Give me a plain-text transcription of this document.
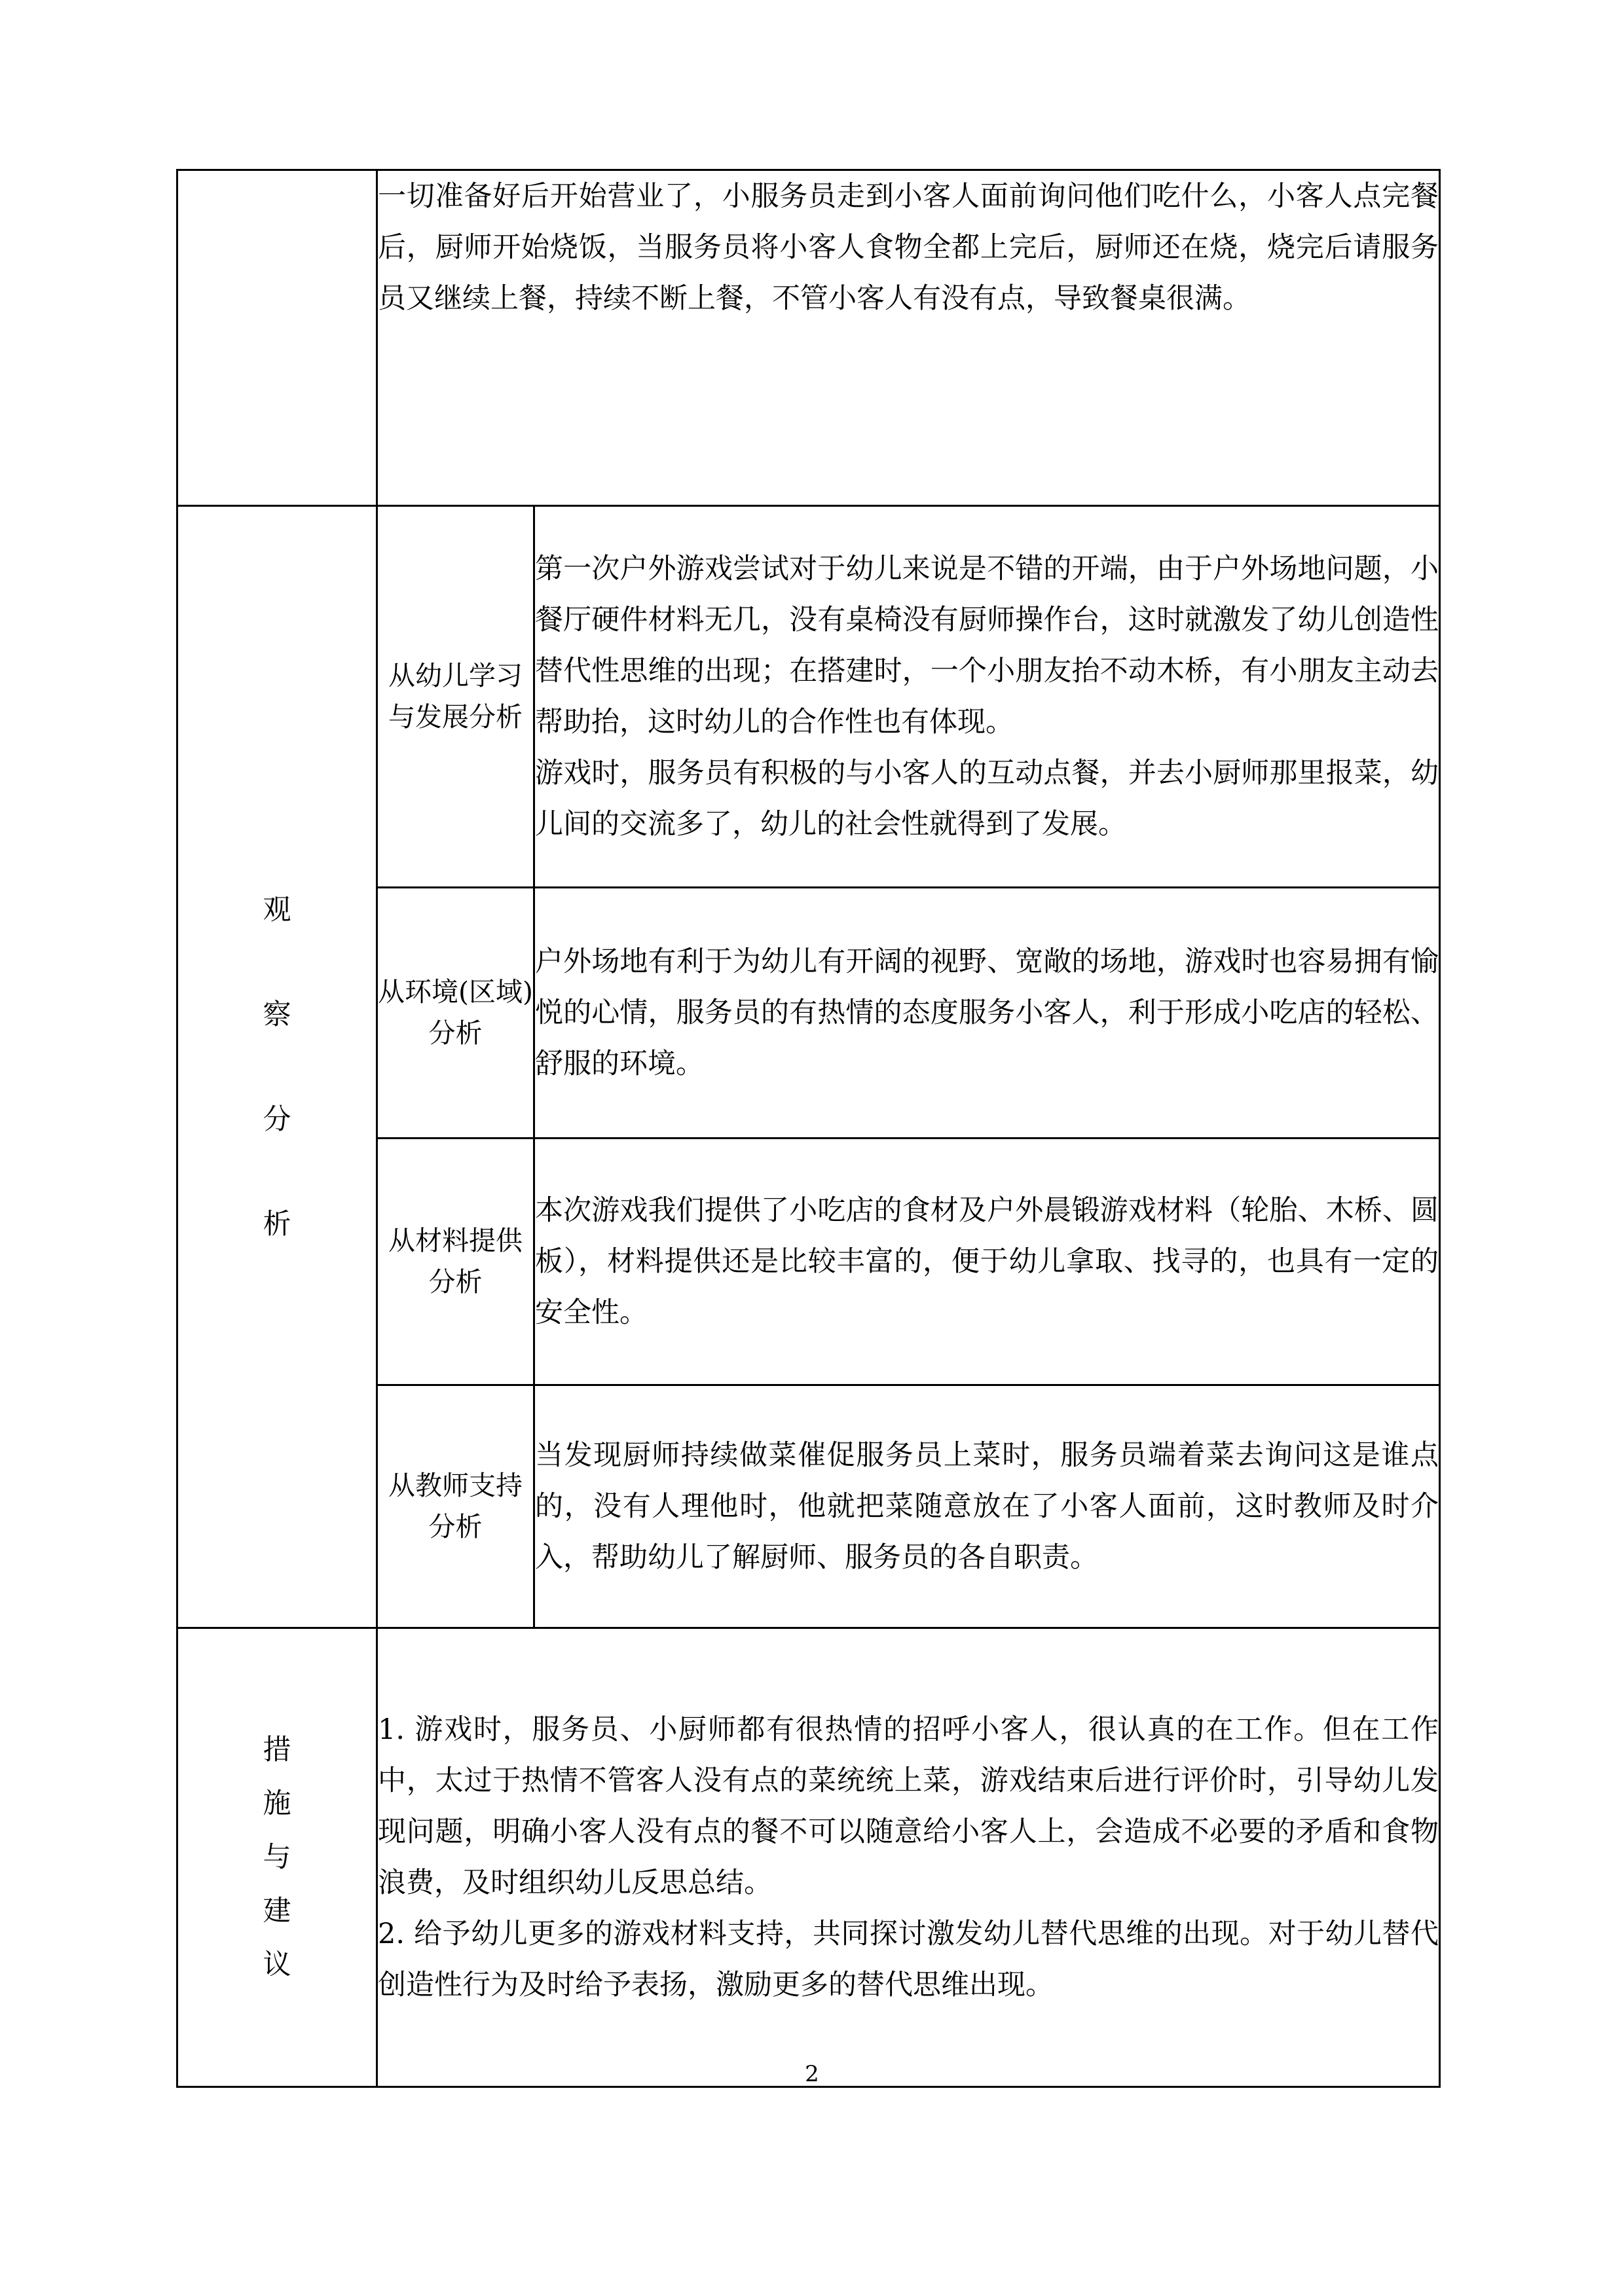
	一切准备好后开始营业了，小服务员走到小客人面前询问他们吃什么，小客人点完餐后，厨师开始烧饭，当服务员将小客人食物全都上完后，厨师还在烧，烧完后请服务员又继续上餐，持续不断上餐，不管小客人有没有点，导致餐桌很满。	

观
察
分
析	从幼儿学习与发展分析	第一次户外游戏尝试对于幼儿来说是不错的开端，由于户外场地问题，小餐厅硬件材料无几，没有桌椅没有厨师操作台，这时就激发了幼儿创造性替代性思维的出现；在搭建时，一个小朋友抬不动木桥，有小朋友主动去帮助抬，这时幼儿的合作性也有体现。
游戏时，服务员有积极的与小客人的互动点餐，并去小厨师那里报菜，幼儿间的交流多了，幼儿的社会性就得到了发展。

	从环境(区域)分析	户外场地有利于为幼儿有开阔的视野、宽敞的场地，游戏时也容易拥有愉悦的心情，服务员的有热情的态度服务小客人，利于形成小吃店的轻松、舒服的环境。

	从材料提供分析	本次游戏我们提供了小吃店的食材及户外晨锻游戏材料（轮胎、木桥、圆板），材料提供还是比较丰富的，便于幼儿拿取、找寻的，也具有一定的安全性。

	从教师支持分析	当发现厨师持续做菜催促服务员上菜时，服务员端着菜去询问这是谁点的，没有人理他时，他就把菜随意放在了小客人面前，这时教师及时介入，帮助幼儿了解厨师、服务员的各自职责。

措
施
与
建
议	1. 游戏时，服务员、小厨师都有很热情的招呼小客人，很认真的在工作。但在工作中，太过于热情不管客人没有点的菜统统上菜，游戏结束后进行评价时，引导幼儿发现问题，明确小客人没有点的餐不可以随意给小客人上，会造成不必要的矛盾和食物浪费，及时组织幼儿反思总结。
2. 给予幼儿更多的游戏材料支持，共同探讨激发幼儿替代思维的出现。对于幼儿替代创造性行为及时给予表扬，激励更多的替代思维出现。	
2
